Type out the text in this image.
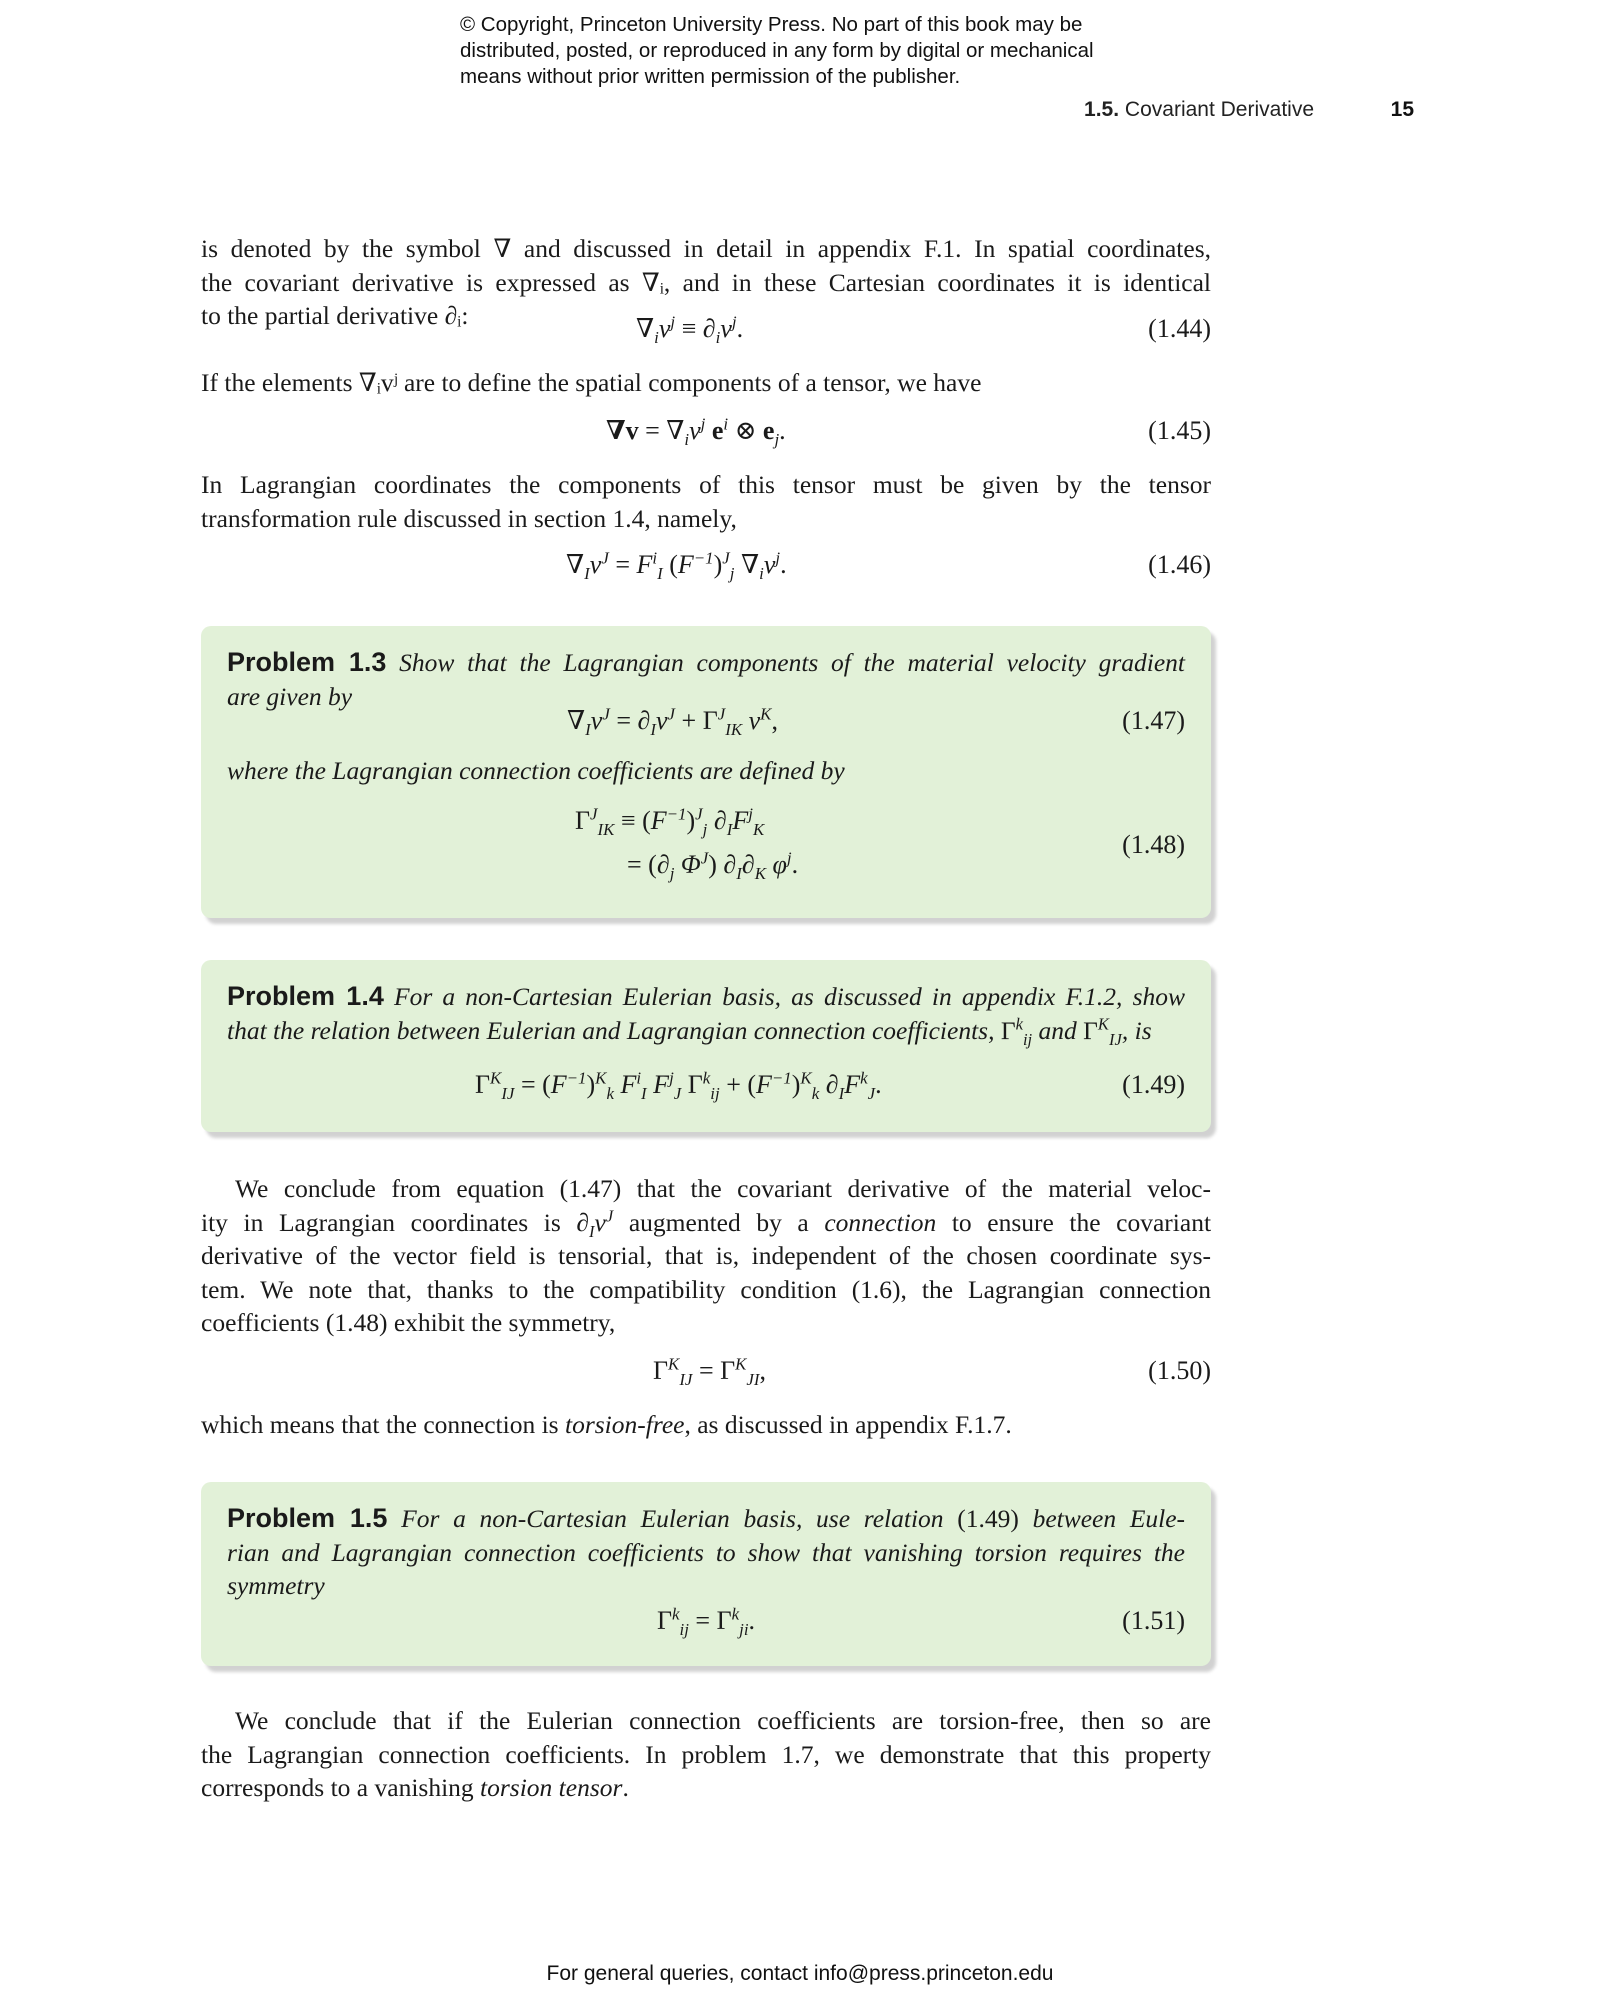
© Copyright, Princeton University Press. No part of this book may be
distributed, posted, or reproduced in any form by digital or mechanical
means without prior written permission of the publisher.
1.5. Covariant Derivative	15
is denoted by the symbol ∇ and discussed in detail in appendix F.1. In spatial coordinates,
the covariant derivative is expressed as ∇ᵢ, and in these Cartesian coordinates it is identical
to the partial derivative ∂ᵢ:	$\nabla_iv^j \equiv \partial_iv^j$.	(1.44)
If the elements ∇ᵢvʲ are to define the spatial components of a tensor, we have
$\nabla v = \nabla_iv^j$ $e^i$ ⊗ $e_j$.	(1.45)
In Lagrangian coordinates the components of this tensor must be given by the tensor
transformation rule discussed in section 1.4, namely,
$\nabla_Iv^J = F^i_I$ $(F^{-1})^J_j$ $\nabla_iv^j$.	(1.46)
Problem 1.3 Show that the Lagrangian components of the material velocity gradient
are given by
$\nabla_Iv^J = \partial_Iv^J + \Gamma^J_{IK}$ $v^K$,	(1.47)
where the Lagrangian connection coefficients are defined by
$\Gamma^J_{IK} \equiv (F^{-1})^J_j$ $\partial_IF^j_K$
= ($\partial_j$ $\Phi^J$) $\partial_I\partial_K$ $\varphi^j$.
(1.48)
Problem 1.4 For a non-Cartesian Eulerian basis, as discussed in appendix F.1.2, show
that the relation between Eulerian and Lagrangian connection coefficients, $\Gamma^k_{ij}$ and $\Gamma^K_{IJ}$, is
$\Gamma^K_{IJ} = (F^{-1})^K_k$ $F^i_I$ $F^j_J$ $\Gamma^k_{ij} + (F^{-1})^K_k$ $\partial_IF^k_J$.	(1.49)
We conclude from equation (1.47) that the covariant derivative of the material veloc-
ity in Lagrangian coordinates is $\partial_Iv^J$ augmented by a connection to ensure the covariant
derivative of the vector field is tensorial, that is, independent of the chosen coordinate sys-
tem. We note that, thanks to the compatibility condition (1.6), the Lagrangian connection
coefficients (1.48) exhibit the symmetry,
$\Gamma^K_{IJ} = \Gamma^K_{JI}$,	(1.50)
which means that the connection is torsion-free, as discussed in appendix F.1.7.
Problem 1.5 For a non-Cartesian Eulerian basis, use relation (1.49) between Eule-
rian and Lagrangian connection coefficients to show that vanishing torsion requires the
symmetry
$\Gamma^k_{ij} = \Gamma^k_{ji}$.	(1.51)
We conclude that if the Eulerian connection coefficients are torsion-free, then so are
the Lagrangian connection coefficients. In problem 1.7, we demonstrate that this property
corresponds to a vanishing torsion tensor.
For general queries, contact info@press.princeton.edu
